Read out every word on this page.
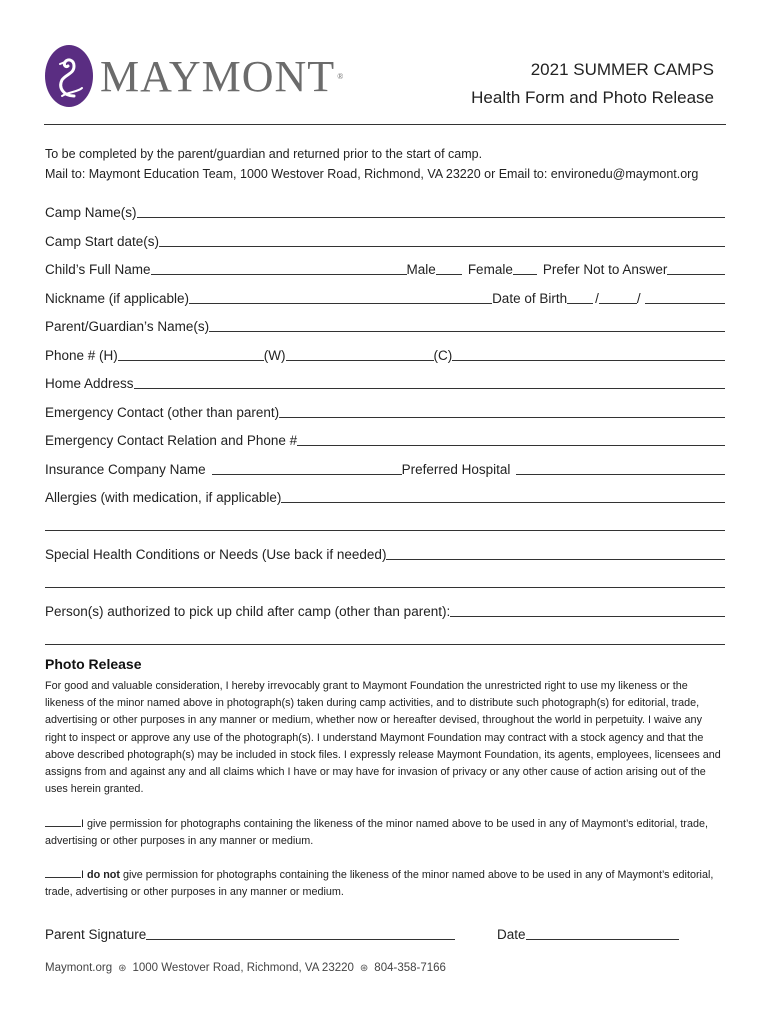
MAYMONT ®	2021 SUMMER CAMPS
Health Form and Photo Release
To be completed by the parent/guardian and returned prior to the start of camp.
Mail to: Maymont Education Team, 1000 Westover Road, Richmond, VA 23220 or Email to: environedu@maymont.org
Camp Name(s)
Camp Start date(s)
Child’s Full Name	Male Female Prefer Not to Answer
Nickname (if applicable)	Date of Birth /	/
Parent/Guardian’s Name(s)
Phone # (H)	(W)	(C)
Home Address
Emergency Contact (other than parent)
Emergency Contact Relation and Phone #
Insurance Company Name	Preferred Hospital
Allergies (with medication, if applicable)
Special Health Conditions or Needs (Use back if needed)
Person(s) authorized to pick up child after camp (other than parent):
Photo Release
For good and valuable consideration, I hereby irrevocably grant to Maymont Foundation the unrestricted right to use my likeness or the likeness of the minor named above in photograph(s) taken during camp activities, and to distribute such photograph(s) for editorial, trade, advertising or other purposes in any manner or medium, whether now or hereafter devised, throughout the world in perpetuity. I waive any right to inspect or approve any use of the photograph(s). I understand Maymont Foundation may contract with a stock agency and that the above described photograph(s) may be included in stock files. I expressly release Maymont Foundation, its agents, employees, licensees and assigns from and against any and all claims which I have or may have for invasion of privacy or any other cause of action arising out of the uses herein granted.
I give permission for photographs containing the likeness of the minor named above to be used in any of Maymont’s editorial, trade, advertising or other purposes in any manner or medium.
I do not give permission for photographs containing the likeness of the minor named above to be used in any of Maymont’s editorial, trade, advertising or other purposes in any manner or medium.
Parent Signature	Date
Maymont.org ⊛ 1000 Westover Road, Richmond, VA 23220 ⊛ 804-358-7166
